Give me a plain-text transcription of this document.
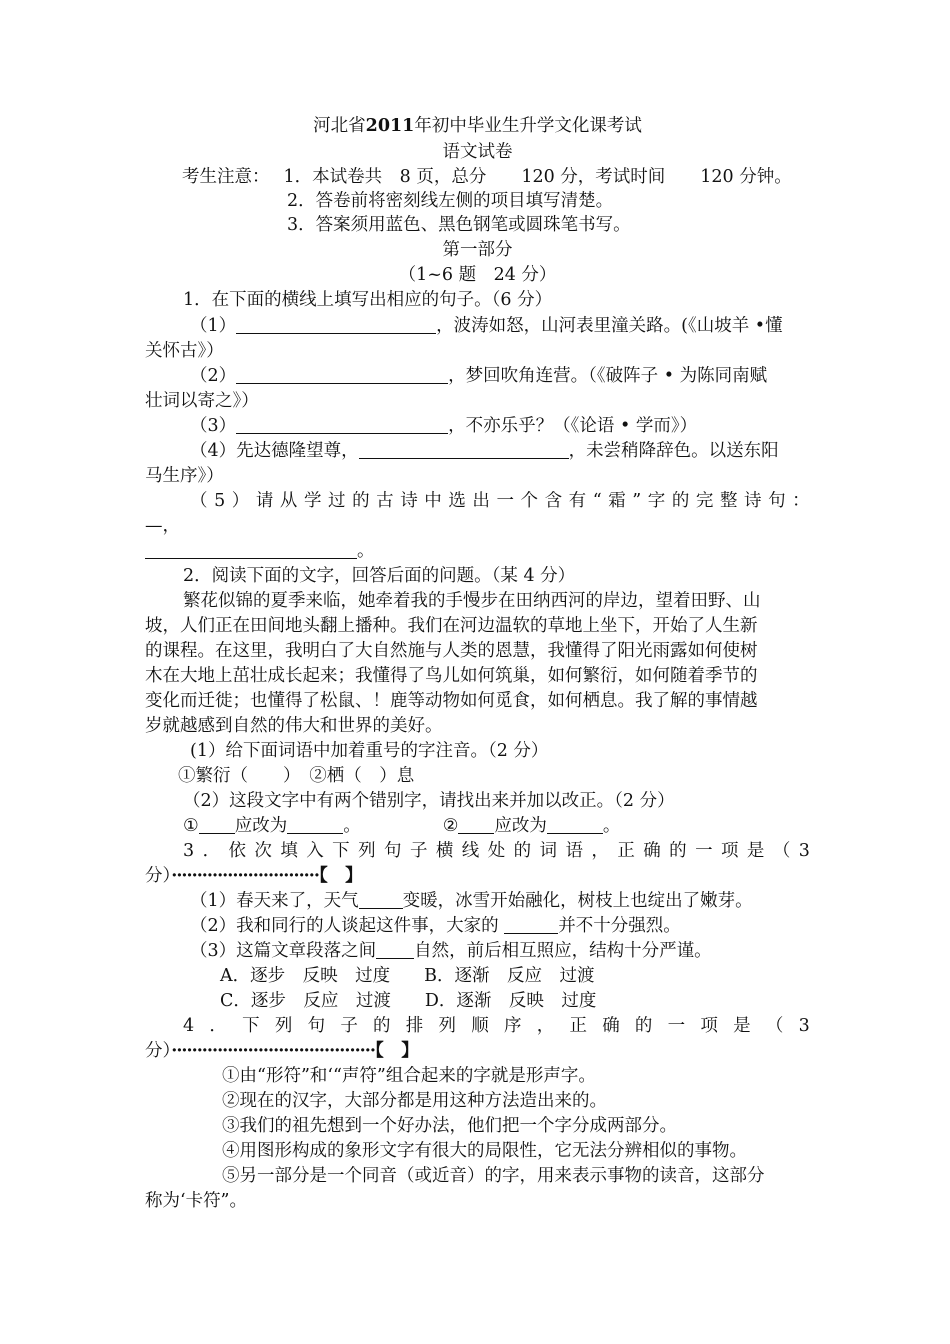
河北省2011年初中毕业生升学文化课考试
语文试卷
考生注意： 1．本试卷共　8 页，总分　　120 分，考试时间　　120 分钟。
2．答卷前将密刻线左侧的项目填写清楚。
3．答案须用蓝色、黑色钢笔或圆珠笔书写。
第一部分
（1~6 题　24 分）
1．在下面的横线上填写出相应的句子。（6 分）
（1）	，波涛如怒，山河表里潼关路。(《山坡羊 •懂
关怀古》）
（2）	，梦回吹角连营。（《破阵子 • 为陈同南赋
壮词以寄之》）
（3）	，不亦乐乎？（《论语 • 学而》）
（4）先达德隆望尊，	，未尝稍降辞色。以送东阳
马生序》）
（ 5 ） 请 从 学 过 的 古 诗 中 选 出 一 个 含 有 “ 霜 ” 字 的 完 整 诗 句 ：
—，
。
2．阅读下面的文字，回答后面的问题。（某 4 分）
繁花似锦的夏季来临，她牵着我的手慢步在田纳西河的岸边，望着田野、山
坡，人们正在田间地头翻上播种。我们在河边温软的草地上坐下，开始了人生新
的课程。在这里，我明白了大自然施与人类的恩慧，我懂得了阳光雨露如何使树
木在大地上茁壮成长起来；我懂得了鸟儿如何筑巢，如何繁衍，如何随着季节的
变化而迁徙；也懂得了松鼠、！鹿等动物如何觅食，如何栖息。我了解的事情越
岁就越感到自然的伟大和世界的美好。
(1）给下面词语中加着重号的字注音。（2 分）
①繁衍（　　）　②栖（　）息
（2）这段文字中有两个错别字，请找出来并加以改正。（2 分）
① 应改为	。	② 应改为	。
3 ． 依 次 填 入 下 列 句 子 横 线 处 的 词 语 ， 正 确 的 一 项 是 （ 3
分）·····························【　】
（1）春天来了，天气	变暖，冰雪开始融化，树枝上也绽出了嫩芽。
（2）我和同行的人谈起这件事，大家的	并不十分强烈。
（3）这篇文章段落之间 自然，前后相互照应，结构十分严谨。
A．逐步　反映　过度 B．逐渐　反应　过渡
C．逐步　反应　过渡 D．逐渐　反映　过度
4 ． 下 列 句 子 的 排 列 顺 序 ， 正 确 的 一 项 是 （ 3
分）········································【　】
①由“形符”和‘“声符”组合起来的字就是形声字。
②现在的汉字，大部分都是用这种方法造出来的。
③我们的祖先想到一个好办法，他们把一个字分成两部分。
④用图形构成的象形文字有很大的局限性，它无法分辨相似的事物。
⑤另一部分是一个同音（或近音）的字，用来表示事物的读音，这部分
称为‘卡符”。
